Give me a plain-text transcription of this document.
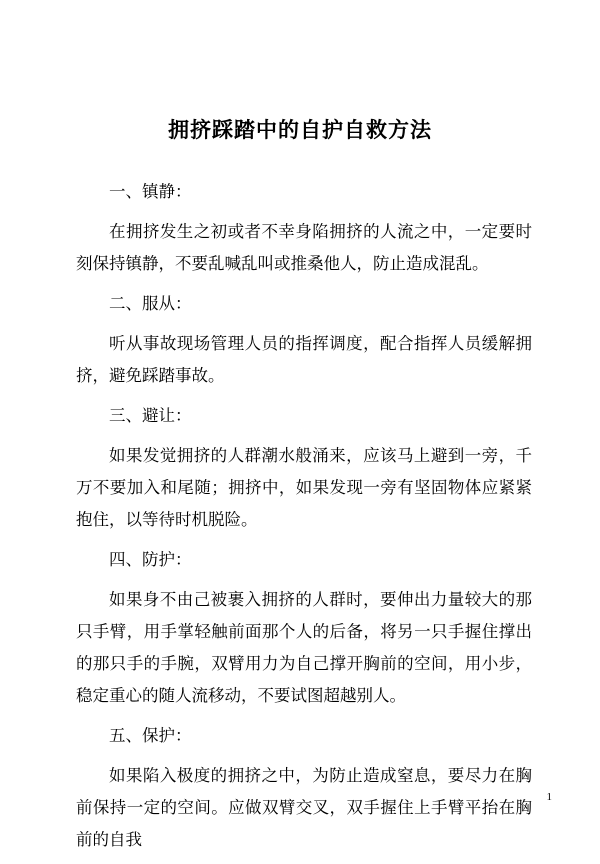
拥挤踩踏中的自护自救方法

一、镇静：

在拥挤发生之初或者不幸身陷拥挤的人流之中，一定要时刻保持镇静，不要乱喊乱叫或推桑他人，防止造成混乱。

二、服从：

听从事故现场管理人员的指挥调度，配合指挥人员缓解拥挤，避免踩踏事故。

三、避让：

如果发觉拥挤的人群潮水般涌来，应该马上避到一旁，千万不要加入和尾随；拥挤中，如果发现一旁有坚固物体应紧紧抱住，以等待时机脱险。

四、防护：

如果身不由己被裹入拥挤的人群时，要伸出力量较大的那只手臂，用手掌轻触前面那个人的后备，将另一只手握住撑出的那只手的手腕，双臂用力为自己撑开胸前的空间，用小步，稳定重心的随人流移动，不要试图超越别人。

五、保护：

如果陷入极度的拥挤之中，为防止造成窒息，要尽力在胸前保持一定的空间。应做双臂交叉，双手握住上手臂平抬在胸前的自我

1
